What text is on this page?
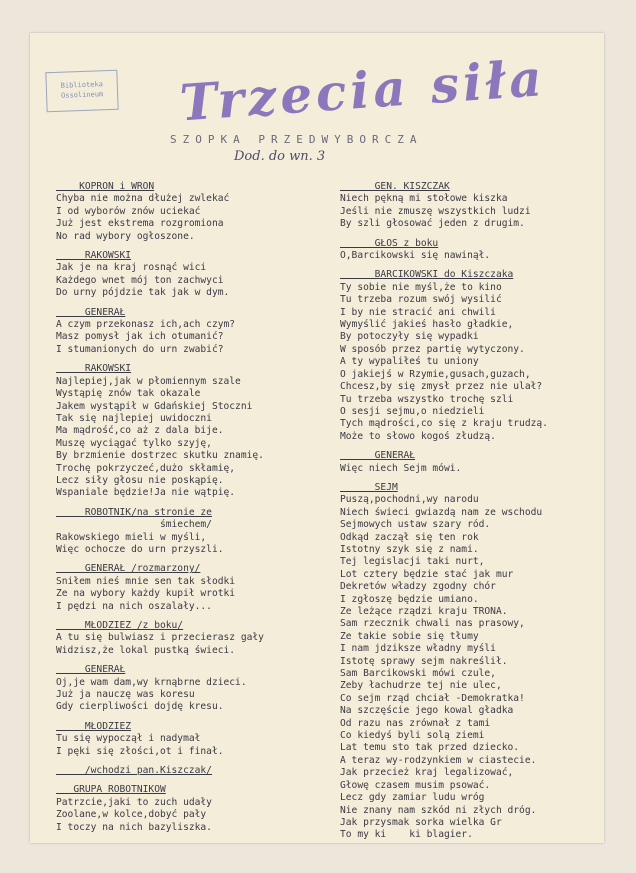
Biblioteka
Ossolineum Trzecia siła
SZOPKA PRZEDWYBORCZA
Dod. do wn. 3
KOPRON i WRON
Chyba nie można dłużej zwlekać
I od wyborów znów uciekać
Już jest ekstrema rozgromiona
No rad wybory ogłoszone.
RAKOWSKI
Jak je na kraj rosnąć wici
Każdego wnet mój ton zachwyci
Do urny pójdzie tak jak w dym.
GENERAŁ
A czym przekonasz ich,ach czym?
Masz pomysł jak ich otumanić?
I stumanionych do urn zwabić?
RAKOWSKI
Najlepiej,jak w płomiennym szale
Wystąpię znów tak okazale
Jakem wystąpił w Gdańskiej Stoczni
Tak się najlepiej uwidoczni
Ma mądrość,co aż z dala bije.
Muszę wyciągać tylko szyję,
By brzmienie dostrzec skutku znamię.
Trochę pokrzyczeć,dużo skłamię,
Lecz siły głosu nie poskąpię.
Wspaniale będzie!Ja nie wątpię.
ROBOTNIK/na stronie ze
śmiechem/
Rakowskiego mieli w myśli,
Więc ochocze do urn przyszli.
GENERAŁ /rozmarzony/
Śniłem nieś mnie sen tak słodki
Że na wybory każdy kupił wrotki
I pędzi na nich oszalały...
MŁODZIEŻ /z boku/
A tu się bulwiasz i przecierasz gały
Widzisz,że lokal pustką świeci.
GENERAŁ
Oj,je wam dam,wy krnąbrne dzieci.
Już ja nauczę was koresu
Gdy cierpliwości dojdę kresu.
MŁODZIEŻ
Tu się wypoczął i nadymał
I pęki się złości,ot i finał.
/wchodzi pan.Kiszczak/
GRUPA ROBOTNIKÓW
Patrzcie,jaki to zuch udały
Zoolane,w kolce,dobyć pały
I toczy na nich bazyliszka.
GEN. KISZCZAK
Niech pękną mi stołowe kiszka
Jeśli nie zmuszę wszystkich ludzi
By szli głosować jeden z drugim.
GŁOS z boku
O,Barcikowski się nawinął.
BARCIKOWSKI do Kiszczaka
Ty sobie nie myśl,że to kino
Tu trzeba rozum swój wysilić
I by nie stracić ani chwili
Wymyślić jakieś hasło gładkie,
By potoczyły się wypadki
W sposób przez partię wytyczony.
A ty wypaliłeś tu uniony
O jakiejś w Rzymie,gusach,guzach,
Chcesz,by się zmysł przez nie ulał?
Tu trzeba wszystko trochę szli
O sesji sejmu,o niedzieli
Tych mądrości,co się z kraju trudzą.
Może to słowo kogoś złudzą.
GENERAŁ
Więc niech Sejm mówi.
SEJM
Puszą,pochodni,wy narodu
Niech świeci gwiazdą nam ze wschodu
Sejmowych ustaw szary ród.
Odkąd zaczął się ten rok
Istotny szyk się z nami.
Tej legislacji taki nurt,
Lot cztery będzie stać jak mur
Dekretów władzy zgodny chór
I zgłoszę będzie umiano.
Że leżące rządzi kraju TRONA.
Sam rzecznik chwali nas prasowy,
Że takie sobie się tłumy
I nam jdziksze władny myśli
Istotę sprawy sejm nakreślił.
Sam Barcikowski mówi czule,
Żeby łachudrze tej nie ulec,
Co sejm rząd chciał -Demokratka!
Na szczęście jego kowal gładka
Od razu nas zrównał z tami
Co kiedyś byli solą ziemi
Lat temu sto tak przed dziecko.
A teraz wy-rodzynkiem w ciastecie.
Jak przecież kraj legalizować,
Głowę czasem musim psować.
Lecz gdy zamiar ludu wróg
Nie znany nam szkód ni złych dróg.
Jak przysmak sorka wielka Gr
To my ki    ki blagier.
